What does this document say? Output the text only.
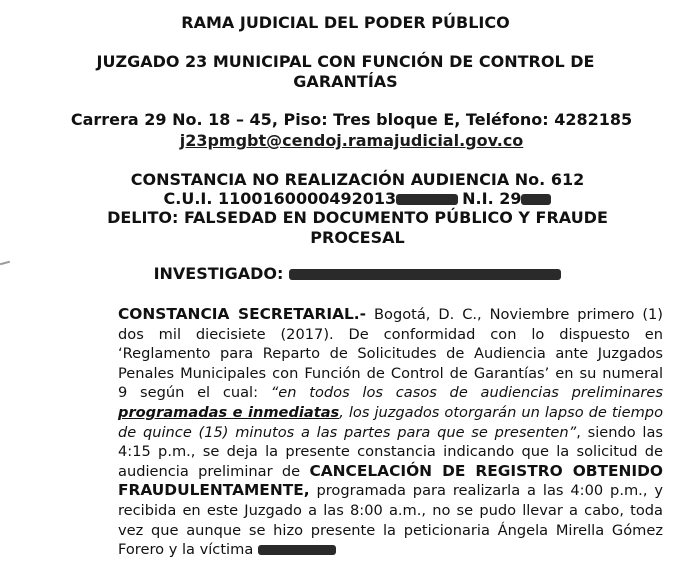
RAMA JUDICIAL DEL PODER PÚBLICO
JUZGADO 23 MUNICIPAL CON FUNCIÓN DE CONTROL DE
GARANTÍAS
Carrera 29 No. 18 – 45, Piso: Tres bloque E, Teléfono: 4282185
j23pmgbt@cendoj.ramajudicial.gov.co
CONSTANCIA NO REALIZACIÓN AUDIENCIA No. 612
C.U.I. 1100160000492013	N.I. 29
DELITO: FALSEDAD EN DOCUMENTO PÚBLICO Y FRAUDE
PROCESAL
INVESTIGADO:

CONSTANCIA SECRETARIAL.- Bogotá, D. C., Noviembre primero (1) dos mil diecisiete (2017). De conformidad con lo dispuesto en ‘Reglamento para Reparto de Solicitudes de Audiencia ante Juzgados Penales Municipales con Función de Control de Garantías’ en su numeral 9 según el cual: “en todos los casos de audiencias preliminares programadas e inmediatas, los juzgados otorgarán un lapso de tiempo de quince (15) minutos a las partes para que se presenten”, siendo las 4:15 p.m., se deja la presente constancia indicando que la solicitud de audiencia preliminar de CANCELACIÓN DE REGISTRO OBTENIDO FRAUDULENTAMENTE, programada para realizarla a las 4:00 p.m., y recibida en este Juzgado a las 8:00 a.m., no se pudo llevar a cabo, toda vez que aunque se hizo presente la peticionaria Ángela Mirella Gómez Forero y la víctima
